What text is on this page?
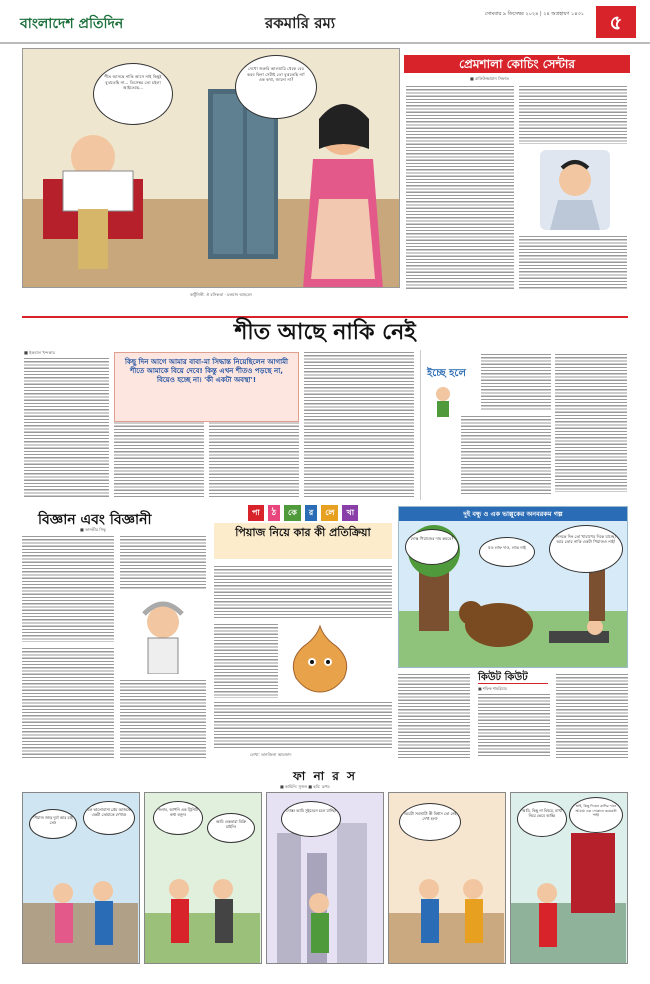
বাংলাদেশ প্রতিদিন	রকমারি রম্য	সোমবার ৯ ডিসেম্বর ২০২৪ | ২৪ অগ্রহায়ণ ১৪৩১	৫
শীত আসছে নাকি আসে নাই কিছুই বুঝতেছি না... ডিসেম্বর তো চইলা আইতেছে...
দেখো জরুরি আলমারি থেকে বের করব কিনা সেটাই তো বুঝতেছি না! এক কথা, জানো না?
কার্টুনিস্ট: ঐ রসিকতা · চলমান আহমেদ
প্রেমশালা কোচিং সেন্টার
■ রাফিউজ্জামান সিফাত
শীত আছে নাকি নেই
■ ইকবাল খন্দকার
কিছু দিন আগে আমার বাবা-মা সিদ্ধান্ত নিয়েছিলেন আগামী শীতে আমাকে বিয়ে দেবে! কিন্তু এখন শীতও পড়ছে না, বিয়েও হচ্ছে না। 'কী একটা অবস্থা'!
ইচ্ছে হলে
বিজ্ঞান এবং বিজ্ঞানী
■ তানভীর সিদ্ধু
পা	ঠ	কে	র	লে	খা
পিয়াজ নিয়ে কার কী প্রতিক্রিয়া
লেখা: তানজিলা আমজাদ
দুই বন্ধু ও এক ভাল্লুকের অনবরকম গল্প
দোস্ত পিয়াজের দাম কমবে?	দিনকে দিন তো খারাপের দিকে যাচ্ছে। আর তোর নাকি একটা পিয়াজও নাই!
যত লাফ দাও, লাভ নাই
কিউট কিউট
■ শফিক শাহরিয়ার
ফা না র স
■ কাহিনি: সুজন ■ ছবি: রূপম
পিয়াজ জাড় দুর্মা আর চাই তো!
চল ভালোবাসা প্রেম আজকে একটা তোমাকে দেখাব!
জনাব, আপনি এক ট্রিনিটি কথা বলুন!
আমি একতারা বিক্রি চাইনি!
দোস্ত! আমি সুইডেনে চলে যাচ্ছি!
বিয়েটা সমস্যাটা কী বিশ্বাস তো নেই দেখা হল?
আমি, কিছু না বিষয়ে, মাথা নিয়ে ভেবে আছি!
ভাই, কিছু দিয়েন কাদির দানে আমায় এক দোকানে কয়েকটা পাই!
